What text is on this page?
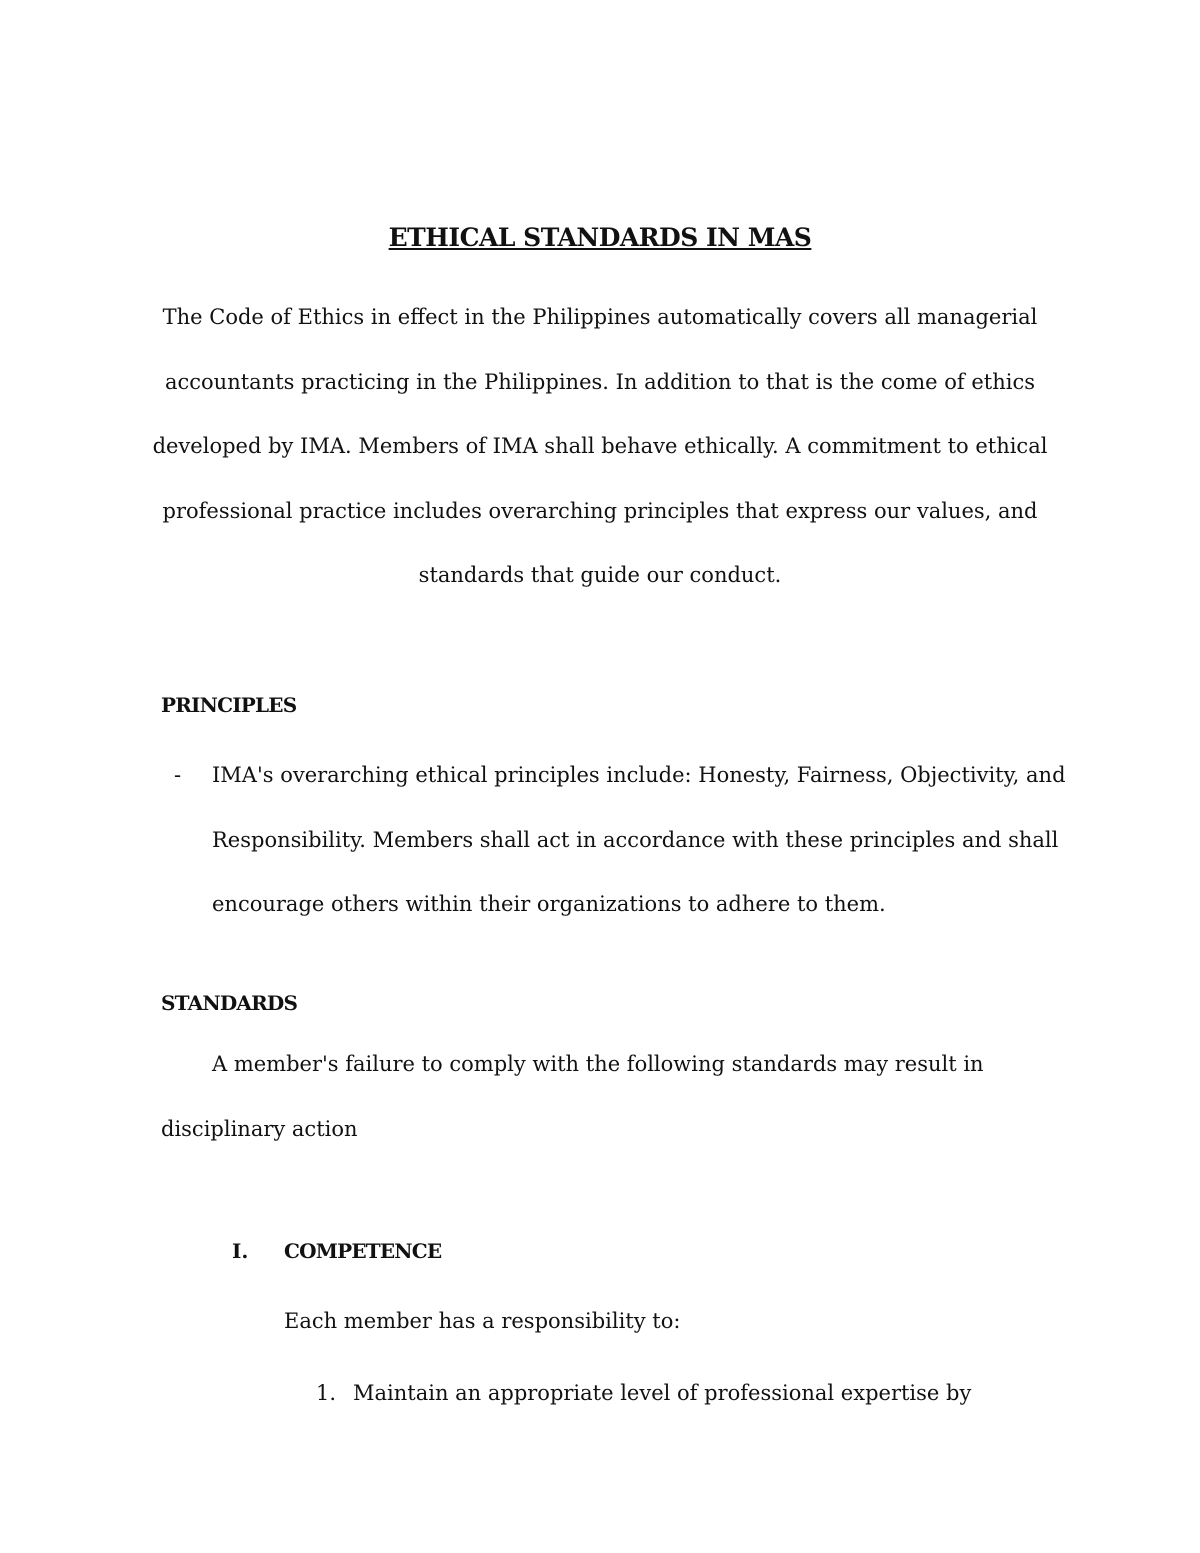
ETHICAL STANDARDS IN MAS
The Code of Ethics in effect in the Philippines automatically covers all managerial
accountants practicing in the Philippines. In addition to that is the come of ethics
developed by IMA. Members of IMA shall behave ethically. A commitment to ethical
professional practice includes overarching principles that express our values, and
standards that guide our conduct.
PRINCIPLES
- IMA's overarching ethical principles include: Honesty, Fairness, Objectivity, and
Responsibility. Members shall act in accordance with these principles and shall
encourage others within their organizations to adhere to them.
STANDARDS
A member's failure to comply with the following standards may result in
disciplinary action
I. COMPETENCE
Each member has a responsibility to:
1. Maintain an appropriate level of professional expertise by
